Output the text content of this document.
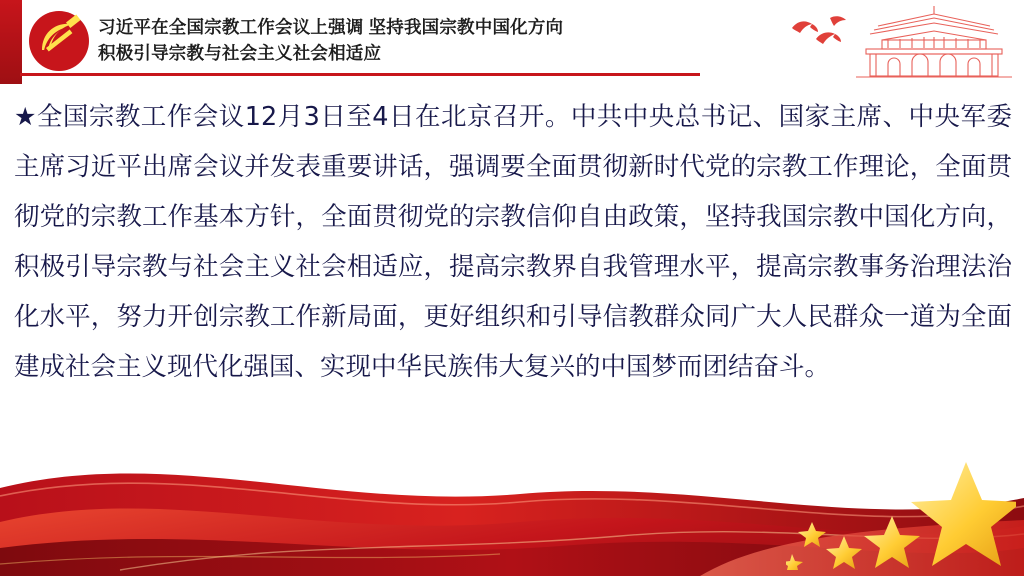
习近平在全国宗教工作会议上强调 坚持我国宗教中国化方向
积极引导宗教与社会主义社会相适应
★全国宗教工作会议12月3日至4日在北京召开。中共中央总书记、国家主席、中央军委主席习近平出席会议并发表重要讲话，强调要全面贯彻新时代党的宗教工作理论，全面贯彻党的宗教工作基本方针，全面贯彻党的宗教信仰自由政策，坚持我国宗教中国化方向，积极引导宗教与社会主义社会相适应，提高宗教界自我管理水平，提高宗教事务治理法治化水平，努力开创宗教工作新局面，更好组织和引导信教群众同广大人民群众一道为全面建成社会主义现代化强国、实现中华民族伟大复兴的中国梦而团结奋斗。
